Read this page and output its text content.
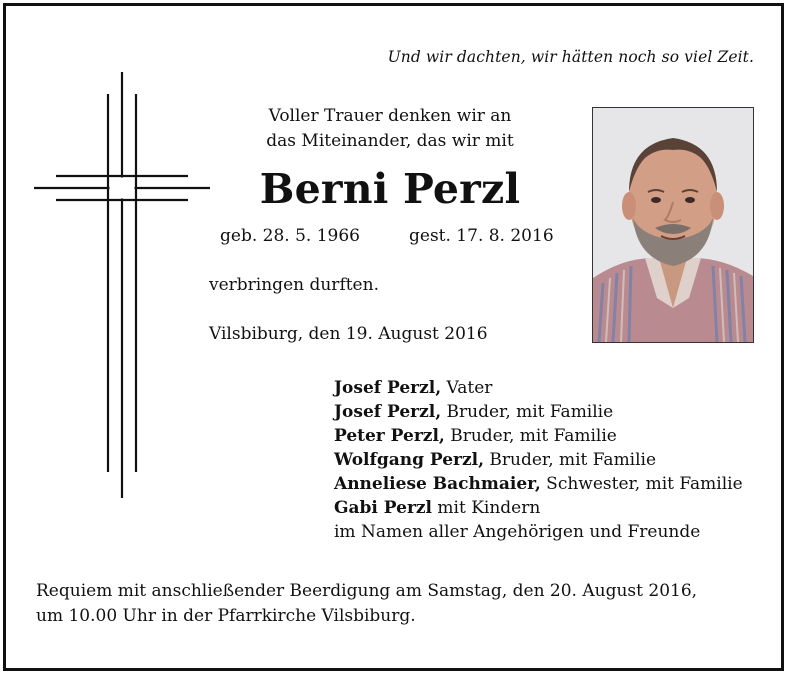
Und wir dachten, wir hätten noch so viel Zeit.
Voller Trauer denken wir an
das Miteinander, das wir mit
Berni Perzl
geb. 28. 5. 1966	gest. 17. 8. 2016
verbringen durften.
Vilsbiburg, den 19. August 2016
Josef Perzl, Vater
Josef Perzl, Bruder, mit Familie
Peter Perzl, Bruder, mit Familie
Wolfgang Perzl, Bruder, mit Familie
Anneliese Bachmaier, Schwester, mit Familie
Gabi Perzl mit Kindern
im Namen aller Angehörigen und Freunde
Requiem mit anschließender Beerdigung am Samstag, den 20. August 2016,
um 10.00 Uhr in der Pfarrkirche Vilsbiburg.
